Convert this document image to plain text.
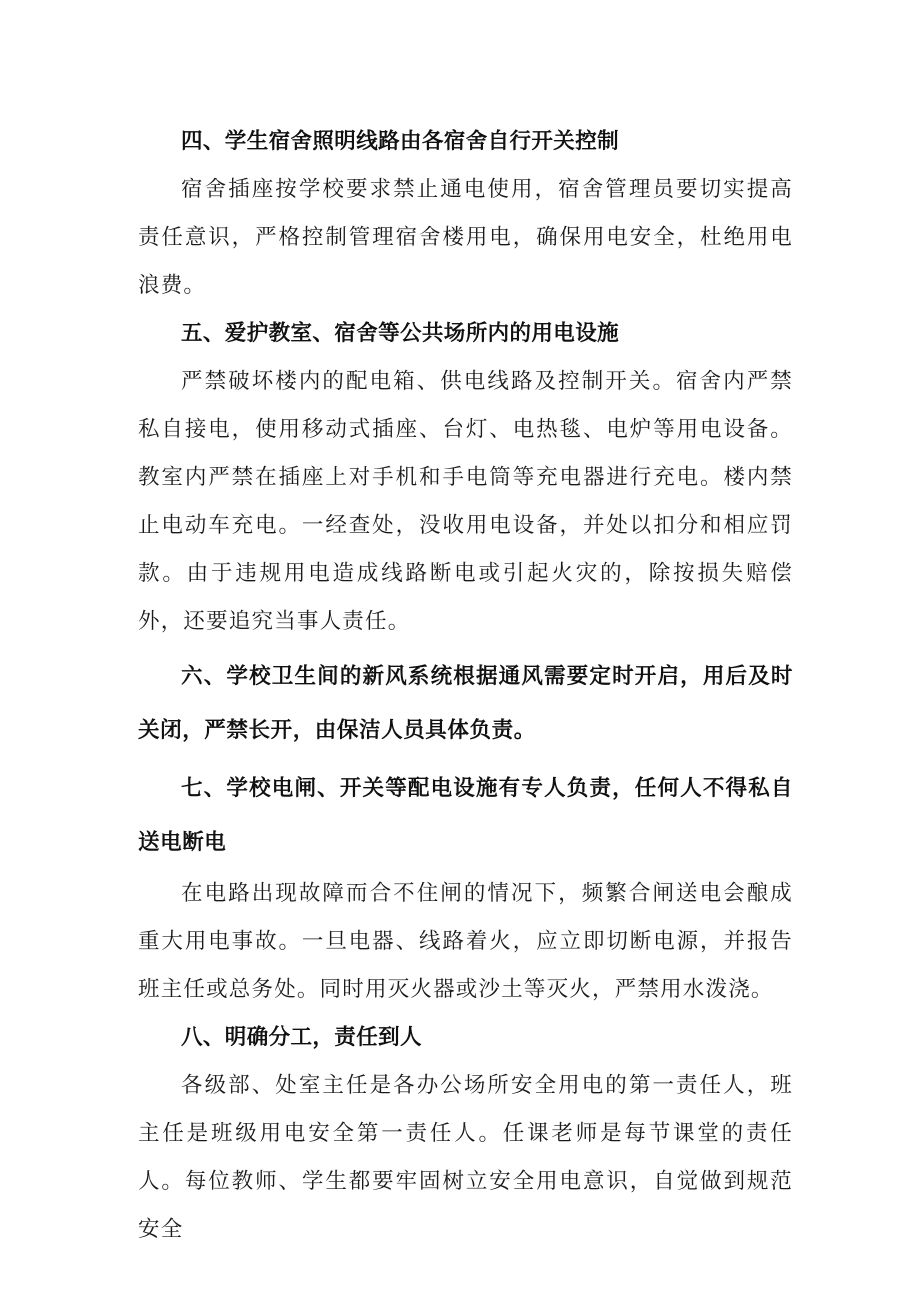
四、学生宿舍照明线路由各宿舍自行开关控制

宿舍插座按学校要求禁止通电使用，宿舍管理员要切实提高责任意识，严格控制管理宿舍楼用电，确保用电安全，杜绝用电浪费。

五、爱护教室、宿舍等公共场所内的用电设施

严禁破坏楼内的配电箱、供电线路及控制开关。宿舍内严禁私自接电，使用移动式插座、台灯、电热毯、电炉等用电设备。教室内严禁在插座上对手机和手电筒等充电器进行充电。楼内禁止电动车充电。一经查处，没收用电设备，并处以扣分和相应罚款。由于违规用电造成线路断电或引起火灾的，除按损失赔偿外，还要追究当事人责任。

六、学校卫生间的新风系统根据通风需要定时开启，用后及时关闭，严禁长开，由保洁人员具体负责。

七、学校电闸、开关等配电设施有专人负责，任何人不得私自送电断电

在电路出现故障而合不住闸的情况下，频繁合闸送电会酿成重大用电事故。一旦电器、线路着火，应立即切断电源，并报告班主任或总务处。同时用灭火器或沙土等灭火，严禁用水泼浇。

八、明确分工，责任到人

各级部、处室主任是各办公场所安全用电的第一责任人，班主任是班级用电安全第一责任人。任课老师是每节课堂的责任人。每位教师、学生都要牢固树立安全用电意识，自觉做到规范安全
